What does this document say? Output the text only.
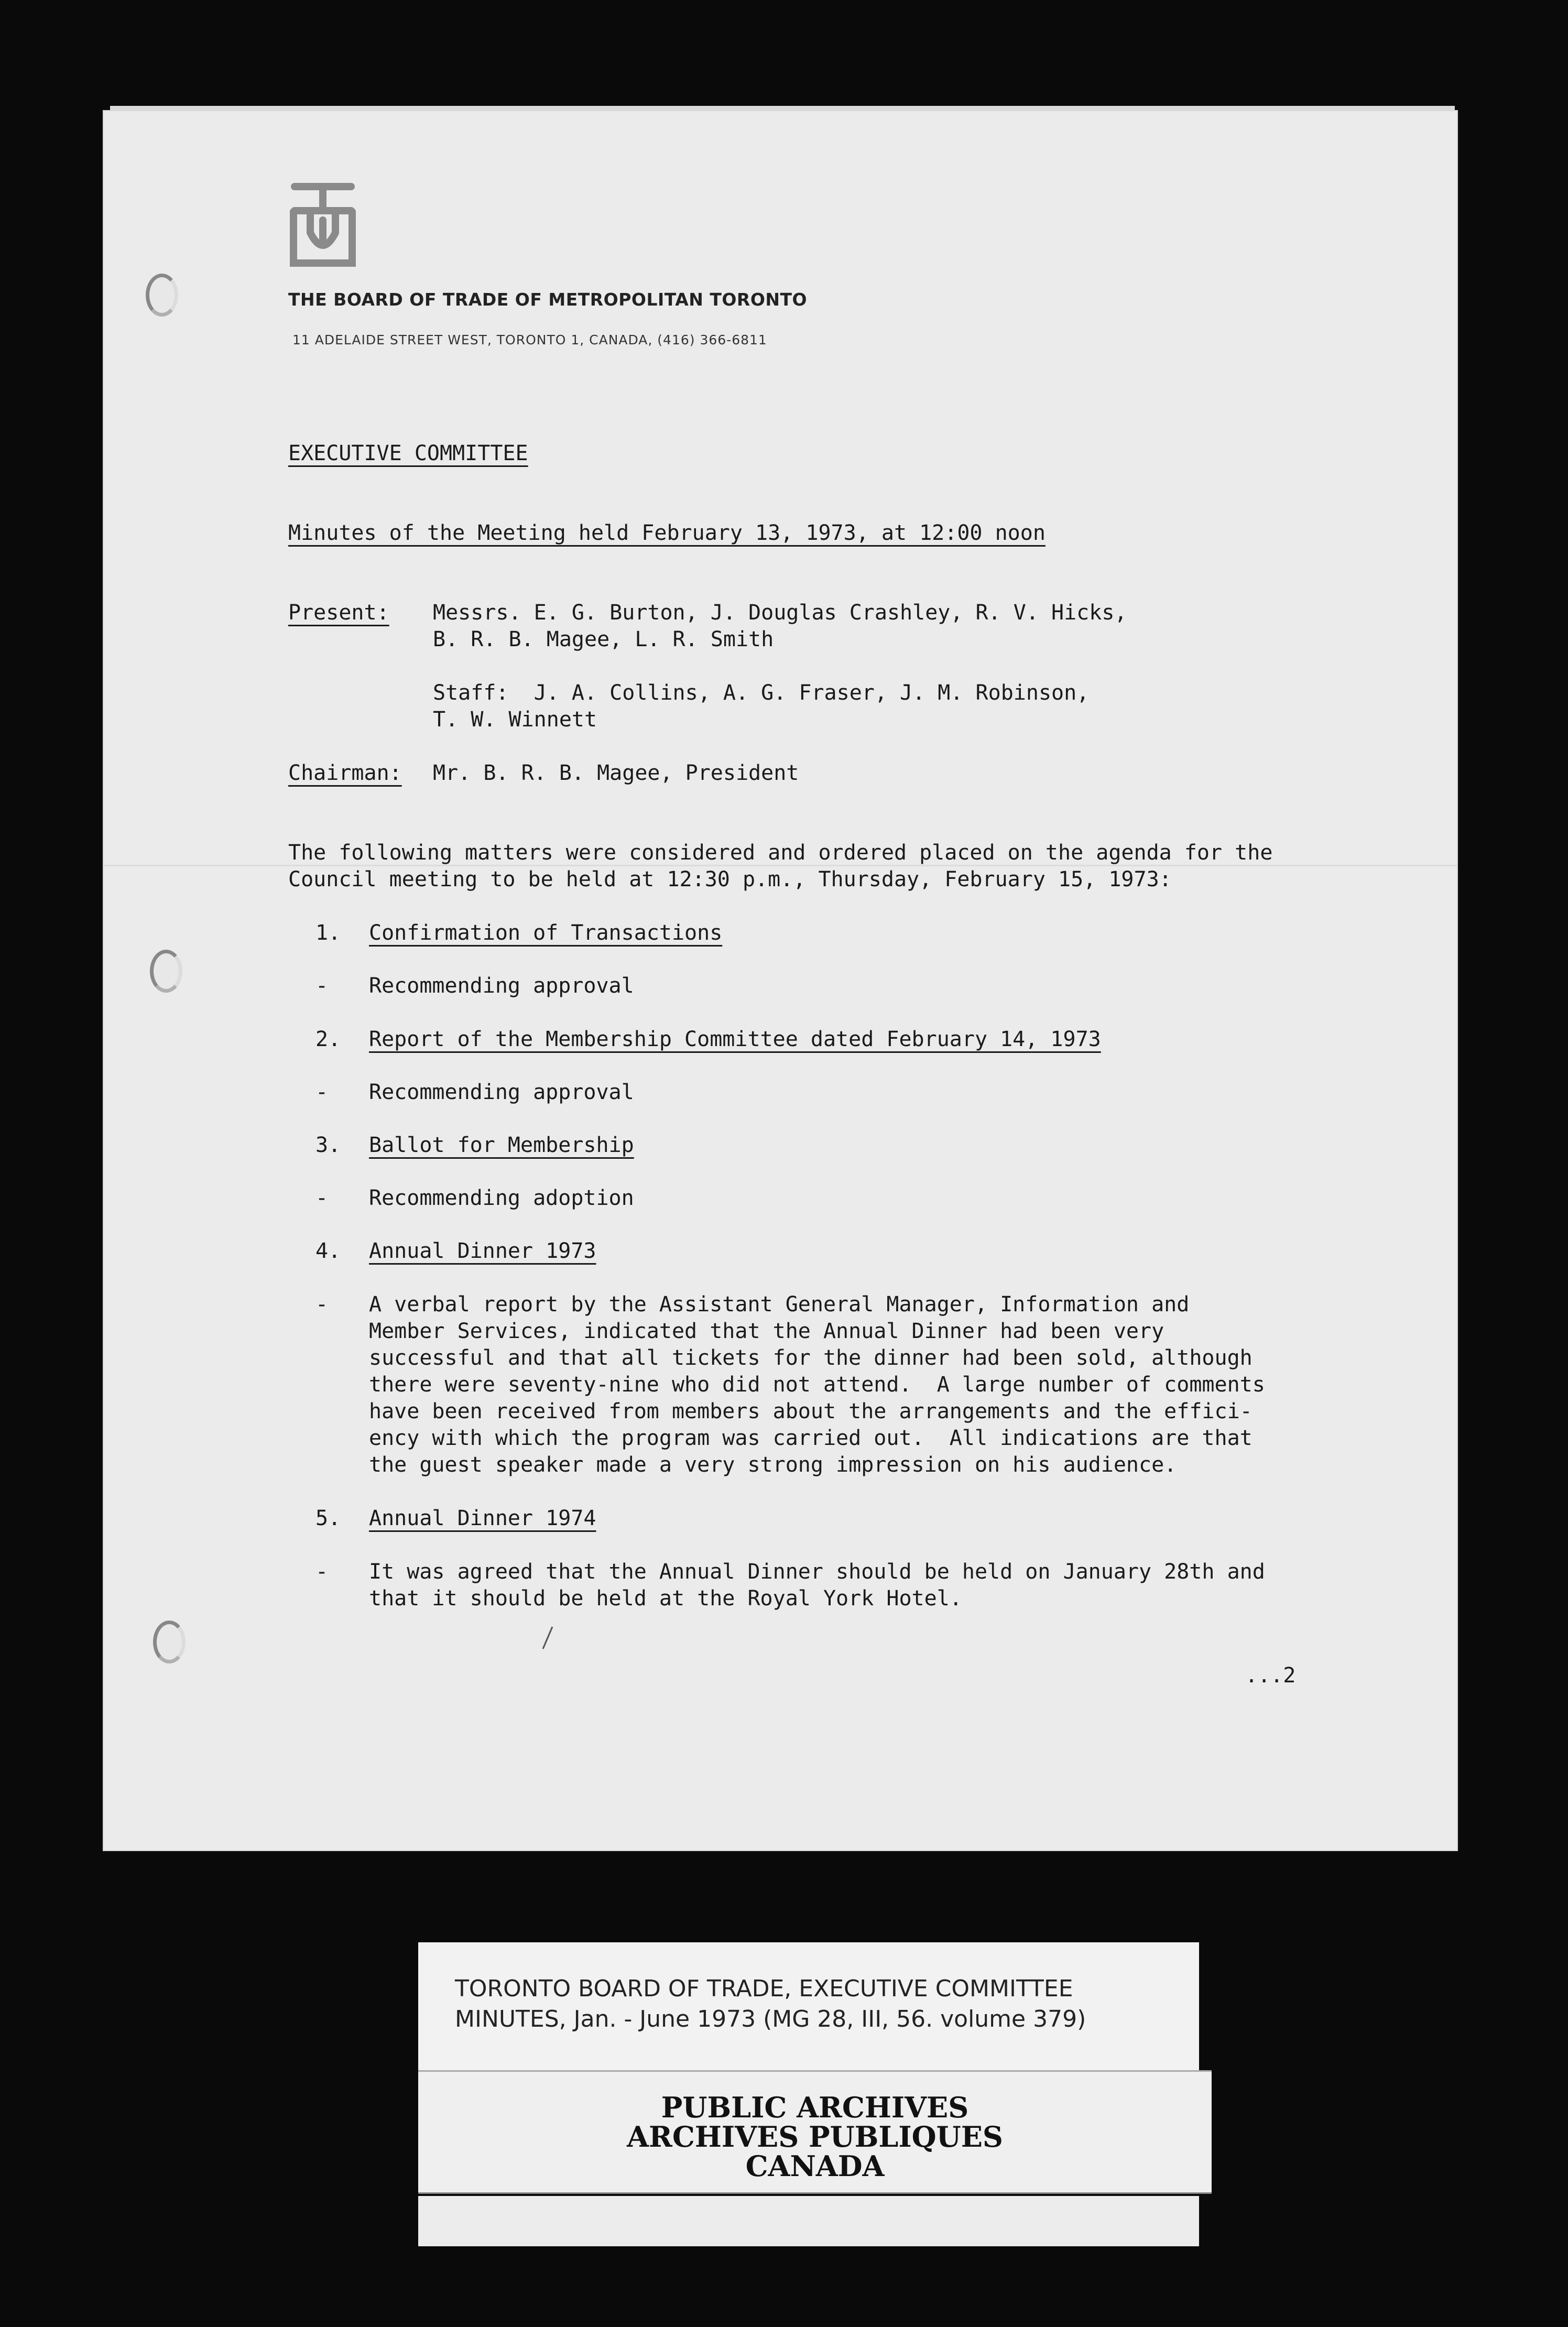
THE BOARD OF TRADE OF METROPOLITAN TORONTO
11 ADELAIDE STREET WEST, TORONTO 1, CANADA, (416) 366-6811
EXECUTIVE COMMITTEE
Minutes of the Meeting held February 13, 1973, at 12:00 noon
Present: Messrs. E. G. Burton, J. Douglas Crashley, R. V. Hicks,
B. R. B. Magee, L. R. Smith
Staff:  J. A. Collins, A. G. Fraser, J. M. Robinson,
T. W. Winnett
Chairman: Mr. B. R. B. Magee, President
The following matters were considered and ordered placed on the agenda for the
Council meeting to be held at 12:30 p.m., Thursday, February 15, 1973:
1. Confirmation of Transactions
- Recommending approval
2. Report of the Membership Committee dated February 14, 1973
- Recommending approval
3. Ballot for Membership
- Recommending adoption
4. Annual Dinner 1973
- A verbal report by the Assistant General Manager, Information and
Member Services, indicated that the Annual Dinner had been very
successful and that all tickets for the dinner had been sold, although
there were seventy-nine who did not attend.  A large number of comments
have been received from members about the arrangements and the effici-
ency with which the program was carried out.  All indications are that
the guest speaker made a very strong impression on his audience.
5. Annual Dinner 1974
- It was agreed that the Annual Dinner should be held on January 28th and
that it should be held at the Royal York Hotel.
...2
TORONTO BOARD OF TRADE, EXECUTIVE COMMITTEE
MINUTES, Jan. - June 1973 (MG 28, III, 56. volume 379)
PUBLIC ARCHIVES
ARCHIVES PUBLIQUES
CANADA
